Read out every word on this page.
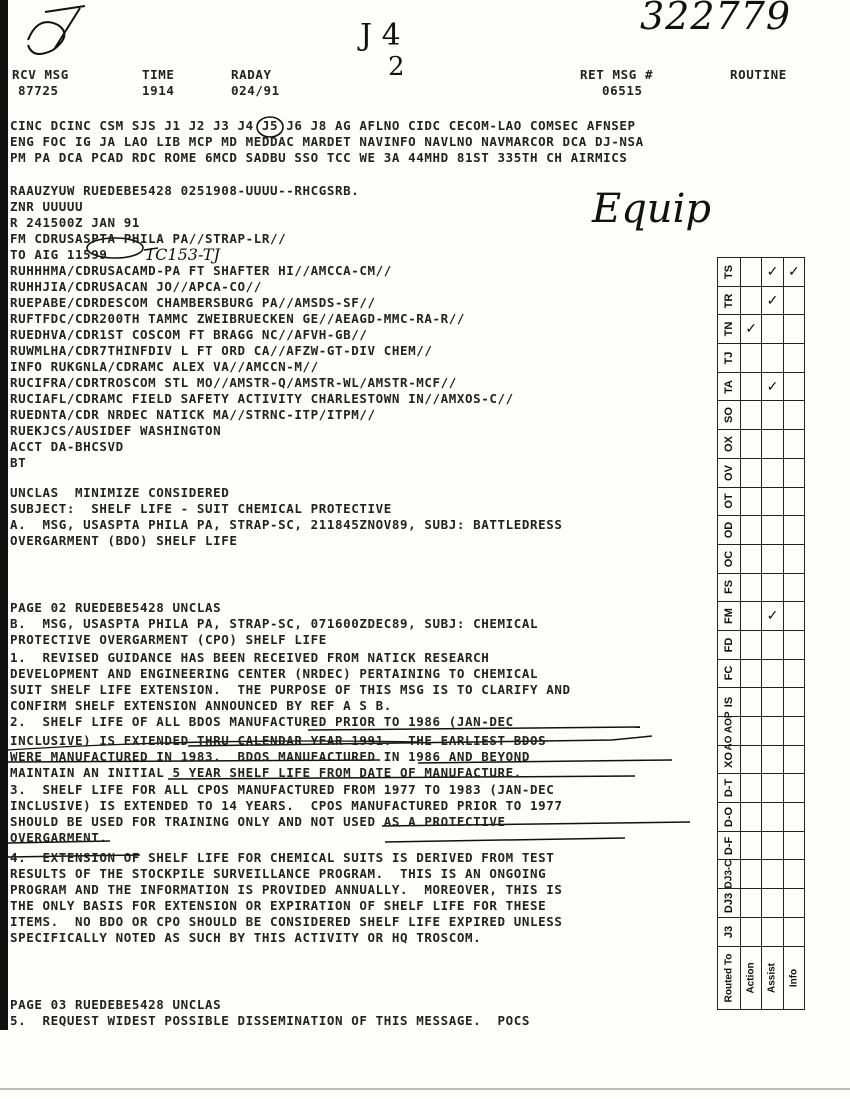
322779
J 4
2
Equip
1C153-TJ
RCV MSG
87725
TIME
1914
RADAY
024/91
RET MSG #
06515
ROUTINE
CINC DCINC CSM SJS J1 J2 J3 J4 J5 J6 J8 AG AFLNO CIDC CECOM-LAO COMSEC AFNSEP
ENG FOC IG JA LAO LIB MCP MD MEDDAC MARDET NAVINFO NAVLNO NAVMARCOR DCA DJ-NSA
PM PA DCA PCAD RDC ROME 6MCD SADBU SSO TCC WE 3A 44MHD 81ST 335TH CH AIRMICS
RAAUZYUW RUEDEBE5428 0251908-UUUU--RHCGSRB.
ZNR UUUUU
R 241500Z JAN 91
FM CDRUSASPTA PHILA PA//STRAP-LR//
TO AIG 11599
RUHHHMA/CDRUSACAMD-PA FT SHAFTER HI//AMCCA-CM//
RUHHJIA/CDRUSACAN JO//APCA-CO//
RUEPABE/CDRDESCOM CHAMBERSBURG PA//AMSDS-SF//
RUFTFDC/CDR200TH TAMMC ZWEIBRUECKEN GE//AEAGD-MMC-RA-R//
RUEDHVA/CDR1ST COSCOM FT BRAGG NC//AFVH-GB//
RUWMLHA/CDR7THINFDIV L FT ORD CA//AFZW-GT-DIV CHEM//
INFO RUKGNLA/CDRAMC ALEX VA//AMCCN-M//
RUCIFRA/CDRTROSCOM STL MO//AMSTR-Q/AMSTR-WL/AMSTR-MCF//
RUCIAFL/CDRAMC FIELD SAFETY ACTIVITY CHARLESTOWN IN//AMXOS-C//
RUEDNTA/CDR NRDEC NATICK MA//STRNC-ITP/ITPM//
RUEKJCS/AUSIDEF WASHINGTON
ACCT DA-BHCSVD
BT
UNCLAS  MINIMIZE CONSIDERED
SUBJECT:  SHELF LIFE - SUIT CHEMICAL PROTECTIVE
A.  MSG, USASPTA PHILA PA, STRAP-SC, 211845ZNOV89, SUBJ: BATTLEDRESS
OVERGARMENT (BDO) SHELF LIFE
PAGE 02 RUEDEBE5428 UNCLAS
B.  MSG, USASPTA PHILA PA, STRAP-SC, 071600ZDEC89, SUBJ: CHEMICAL
PROTECTIVE OVERGARMENT (CPO) SHELF LIFE
1.  REVISED GUIDANCE HAS BEEN RECEIVED FROM NATICK RESEARCH
DEVELOPMENT AND ENGINEERING CENTER (NRDEC) PERTAINING TO CHEMICAL
SUIT SHELF LIFE EXTENSION.  THE PURPOSE OF THIS MSG IS TO CLARIFY AND
CONFIRM SHELF EXTENSION ANNOUNCED BY REF A S B.
2.  SHELF LIFE OF ALL BDOS MANUFACTURED PRIOR TO 1986 (JAN-DEC
INCLUSIVE) IS EXTENDED THRU CALENDAR YEAR 1991.  THE EARLIEST BDOS
WERE MANUFACTURED IN 1983.  BDOS MANUFACTURED IN 1986 AND BEYOND
MAINTAIN AN INITIAL 5 YEAR SHELF LIFE FROM DATE OF MANUFACTURE.
3.  SHELF LIFE FOR ALL CPOS MANUFACTURED FROM 1977 TO 1983 (JAN-DEC
INCLUSIVE) IS EXTENDED TO 14 YEARS.  CPOS MANUFACTURED PRIOR TO 1977
SHOULD BE USED FOR TRAINING ONLY AND NOT USED AS A PROTECTIVE
OVERGARMENT.
4.  EXTENSION OF SHELF LIFE FOR CHEMICAL SUITS IS DERIVED FROM TEST
RESULTS OF THE STOCKPILE SURVEILLANCE PROGRAM.  THIS IS AN ONGOING
PROGRAM AND THE INFORMATION IS PROVIDED ANNUALLY.  MOREOVER, THIS IS
THE ONLY BASIS FOR EXTENSION OR EXPIRATION OF SHELF LIFE FOR THESE
ITEMS.  NO BDO OR CPO SHOULD BE CONSIDERED SHELF LIFE EXPIRED UNLESS
SPECIFICALLY NOTED AS SUCH BY THIS ACTIVITY OR HQ TROSCOM.
PAGE 03 RUEDEBE5428 UNCLAS
5.  REQUEST WIDEST POSSIBLE DISSEMINATION OF THIS MESSAGE.  POCS
TS		✓	✓

TR		✓	

TN	✓		

TJ			

TA		✓	

SO			

OX			

OV			

OT			

OD			

OC			

FS			

FM		✓	

FD			

FC			

IS			

AO AOP			

XO			

D-T			

D-O			

D-F			

DJ3-C			

DJ3			

J3			

Routed To	Action	Assist	Info
